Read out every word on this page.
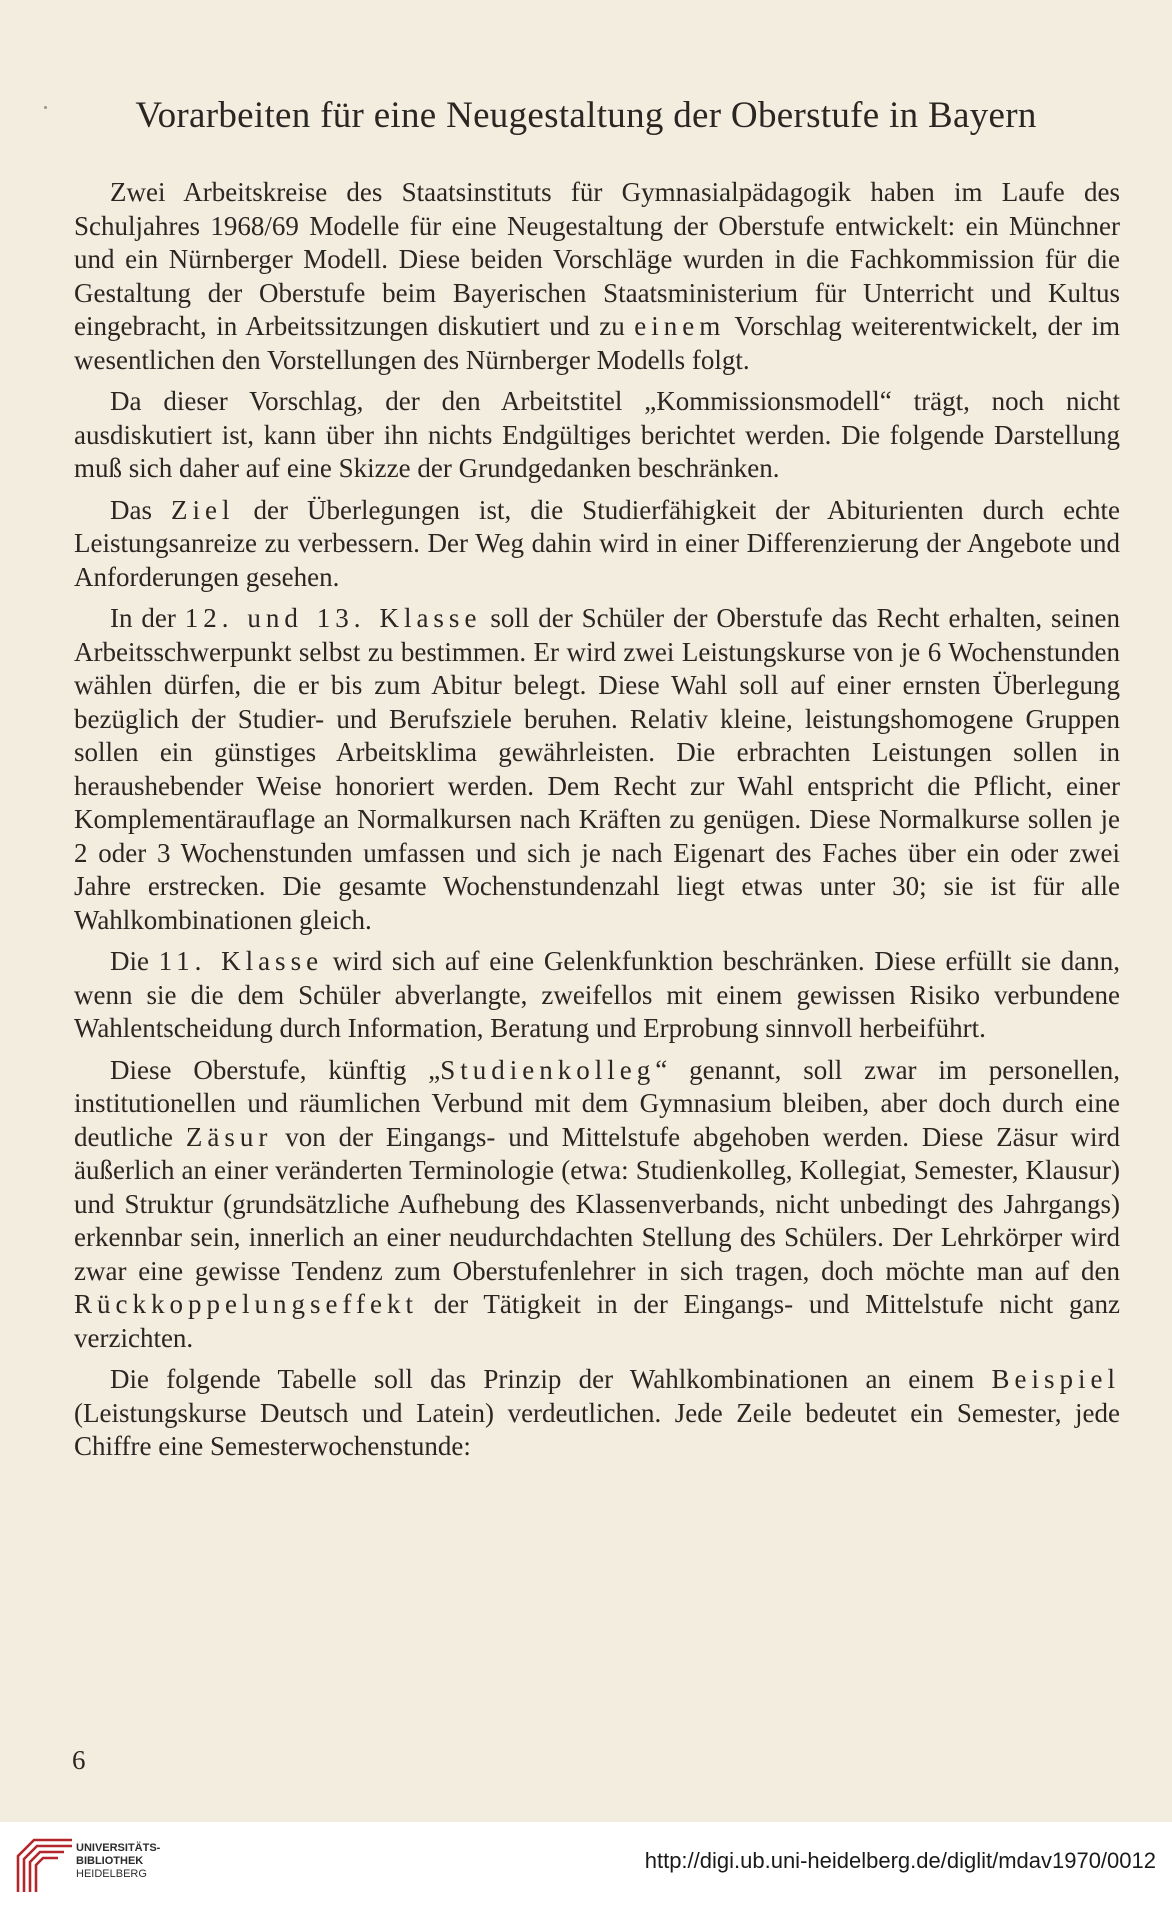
Vorarbeiten für eine Neugestaltung der Oberstufe in Bayern

Zwei Arbeitskreise des Staatsinstituts für Gymnasialpädagogik haben im Laufe des Schuljahres 1968/69 Modelle für eine Neugestaltung der Oberstufe entwickelt: ein Münchner und ein Nürnberger Modell. Diese beiden Vorschläge wurden in die Fachkommission für die Gestaltung der Oberstufe beim Bayerischen Staatsministerium für Unterricht und Kultus eingebracht, in Arbeitssitzungen diskutiert und zu einem Vorschlag weiterentwickelt, der im wesentlichen den Vorstellungen des Nürnberger Modells folgt.

Da dieser Vorschlag, der den Arbeitstitel „Kommissionsmodell“ trägt, noch nicht ausdiskutiert ist, kann über ihn nichts Endgültiges berichtet werden. Die folgende Darstellung muß sich daher auf eine Skizze der Grundgedanken beschränken.

Das Ziel der Überlegungen ist, die Studierfähigkeit der Abiturienten durch echte Leistungsanreize zu verbessern. Der Weg dahin wird in einer Differenzierung der Angebote und Anforderungen gesehen.

In der 12. und 13. Klasse soll der Schüler der Oberstufe das Recht erhalten, seinen Arbeitsschwerpunkt selbst zu bestimmen. Er wird zwei Leistungskurse von je 6 Wochenstunden wählen dürfen, die er bis zum Abitur belegt. Diese Wahl soll auf einer ernsten Überlegung bezüglich der Studier- und Berufsziele beruhen. Relativ kleine, leistungshomogene Gruppen sollen ein günstiges Arbeitsklima gewährleisten. Die erbrachten Leistungen sollen in heraushebender Weise honoriert werden. Dem Recht zur Wahl entspricht die Pflicht, einer Komplementärauflage an Normalkursen nach Kräften zu genügen. Diese Normalkurse sollen je 2 oder 3 Wochenstunden umfassen und sich je nach Eigenart des Faches über ein oder zwei Jahre erstrecken. Die gesamte Wochenstundenzahl liegt etwas unter 30; sie ist für alle Wahlkombinationen gleich.

Die 11. Klasse wird sich auf eine Gelenkfunktion beschränken. Diese erfüllt sie dann, wenn sie die dem Schüler abverlangte, zweifellos mit einem gewissen Risiko verbundene Wahlentscheidung durch Information, Beratung und Erprobung sinnvoll herbeiführt.

Diese Oberstufe, künftig „Studienkolleg“ genannt, soll zwar im personellen, institutionellen und räumlichen Verbund mit dem Gymnasium bleiben, aber doch durch eine deutliche Zäsur von der Eingangs- und Mittelstufe abgehoben werden. Diese Zäsur wird äußerlich an einer veränderten Terminologie (etwa: Studienkolleg, Kollegiat, Semester, Klausur) und Struktur (grundsätzliche Aufhebung des Klassenverbands, nicht unbedingt des Jahrgangs) erkennbar sein, innerlich an einer neudurchdachten Stellung des Schülers. Der Lehrkörper wird zwar eine gewisse Tendenz zum Oberstufenlehrer in sich tragen, doch möchte man auf den Rückkoppelungseffekt der Tätigkeit in der Eingangs- und Mittelstufe nicht ganz verzichten.

Die folgende Tabelle soll das Prinzip der Wahlkombinationen an einem Beispiel (Leistungskurse Deutsch und Latein) verdeutlichen. Jede Zeile bedeutet ein Semester, jede Chiffre eine Semesterwochenstunde:

6
UNIVERSITÄTS-
BIBLIOTHEK
HEIDELBERG
http://digi.ub.uni-heidelberg.de/diglit/mdav1970/0012
